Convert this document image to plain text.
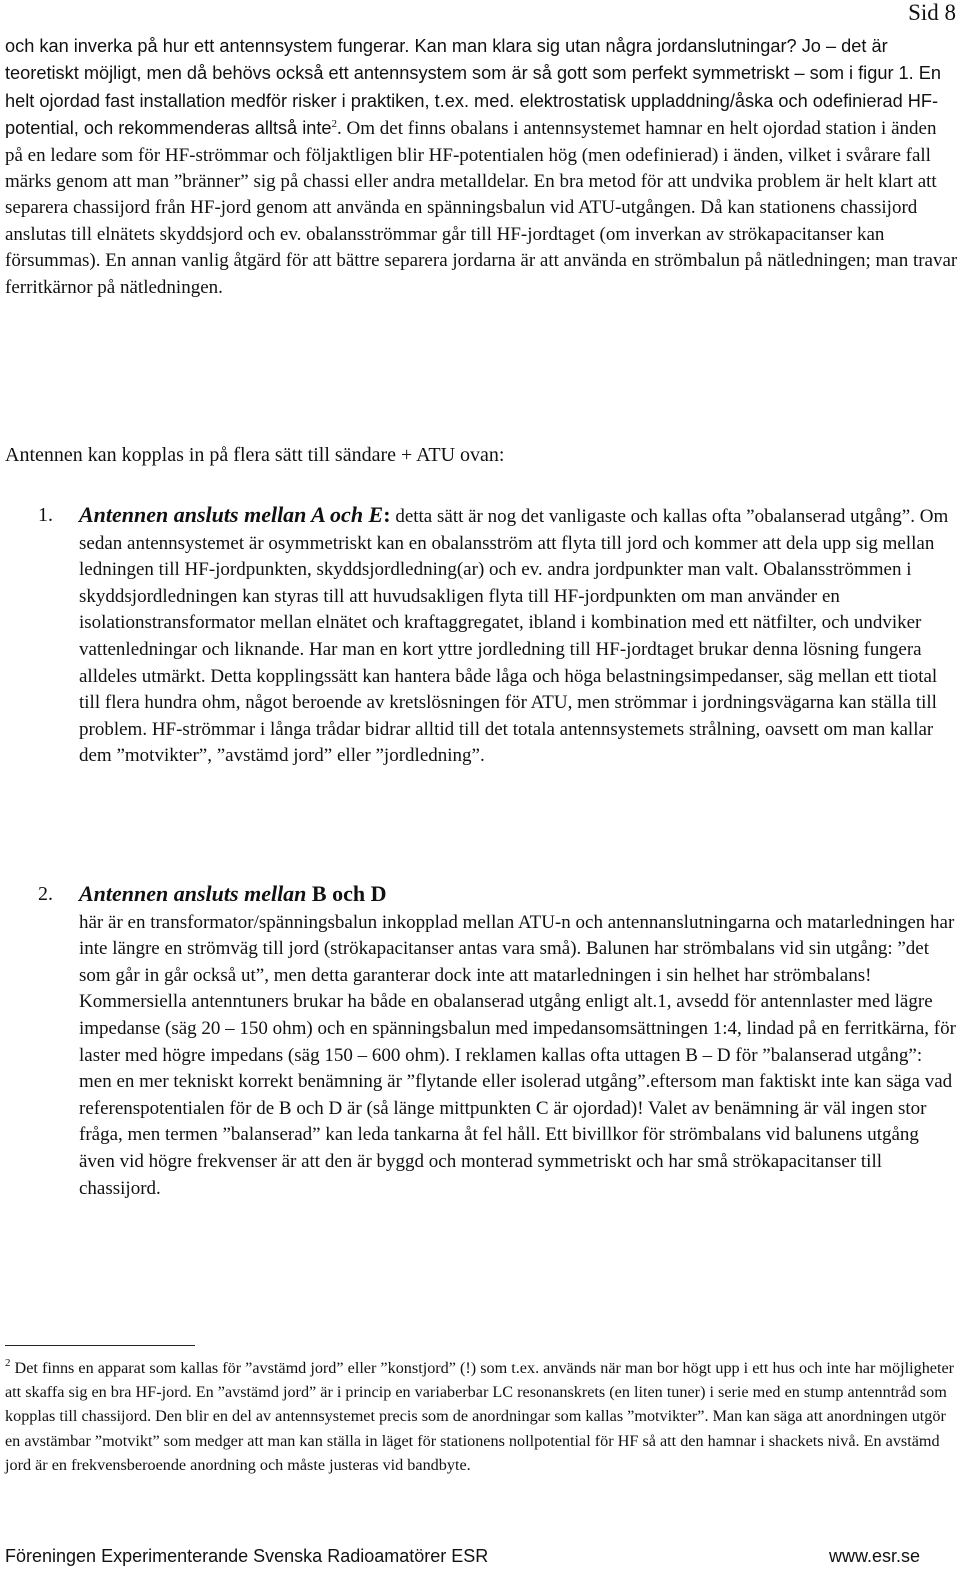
Sid 8

och kan inverka på hur ett antennsystem fungerar. Kan man klara sig utan några jordanslutningar? Jo – det är teoretiskt möjligt, men då behövs också ett antennsystem som är så gott som perfekt symmetriskt – som i figur 1. En helt ojordad fast installation medför risker i praktiken, t.ex. med. elektrostatisk uppladdning/åska och odefinierad HF-potential, och rekommenderas alltså inte$^2$. Om det finns obalans i antennsystemet hamnar en helt ojordad station i änden på en ledare som för HF-strömmar och följaktligen blir HF-potentialen hög (men odefinierad) i änden, vilket i svårare fall märks genom att man ”bränner” sig på chassi eller andra metalldelar. En bra metod för att undvika problem är helt klart att separera chassijord från HF-jord genom att använda en spänningsbalun vid ATU-utgången. Då kan stationens chassijord anslutas till elnätets skyddsjord och ev. obalansströmmar går till HF-jordtaget (om inverkan av strökapacitanser kan försummas). En annan vanlig åtgärd för att bättre separera jordarna är att använda en strömbalun på nätledningen; man travar ferritkärnor på nätledningen.

Antennen kan kopplas in på flera sätt till sändare + ATU ovan:

1. Antennen ansluts mellan A och E: detta sätt är nog det vanligaste och kallas ofta ”obalanserad utgång”. Om sedan antennsystemet är osymmetriskt kan en obalansström att flyta till jord och kommer att dela upp sig mellan ledningen till HF-jordpunkten, skyddsjordledning(ar) och ev. andra jordpunkter man valt. Obalansströmmen i skyddsjordledningen kan styras till att huvudsakligen flyta till HF-jordpunkten om man använder en isolationstransformator mellan elnätet och kraftaggregatet, ibland i kombination med ett nätfilter, och undviker vattenledningar och liknande. Har man en kort yttre jordledning till HF-jordtaget brukar denna lösning fungera alldeles utmärkt. Detta kopplingssätt kan hantera både låga och höga belastningsimpedanser, säg mellan ett tiotal till flera hundra ohm, något beroende av kretslösningen för ATU, men strömmar i jordningsvägarna kan ställa till problem. HF-strömmar i långa trådar bidrar alltid till det totala antennsystemets strålning, oavsett om man kallar dem ”motvikter”, ”avstämd jord” eller ”jordledning”.

2. Antennen ansluts mellan B och D
här är en transformator/spänningsbalun inkopplad mellan ATU-n och antennanslutningarna och matarledningen har inte längre en strömväg till jord (strökapacitanser antas vara små). Balunen har strömbalans vid sin utgång: ”det som går in går också ut”, men detta garanterar dock inte att matarledningen i sin helhet har strömbalans! Kommersiella antenntuners brukar ha både en obalanserad utgång enligt alt.1, avsedd för antennlaster med lägre impedanse (säg 20 – 150 ohm) och en spänningsbalun med impedansomsättningen 1:4, lindad på en ferritkärna, för laster med högre impedans (säg 150 – 600 ohm). I reklamen kallas ofta uttagen B – D för ”balanserad utgång”: men en mer tekniskt korrekt benämning är ”flytande eller isolerad utgång”.eftersom man faktiskt inte kan säga vad referenspotentialen för de B och D är (så länge mittpunkten C är ojordad)! Valet av benämning är väl ingen stor fråga, men termen ”balanserad” kan leda tankarna åt fel håll. Ett bivillkor för strömbalans vid balunens utgång även vid högre frekvenser är att den är byggd och monterad symmetriskt och har små strökapacitanser till chassijord.

$^2$ Det finns en apparat som kallas för ”avstämd jord” eller ”konstjord” (!) som t.ex. används när man bor högt upp i ett hus och inte har möjligheter att skaffa sig en bra HF-jord. En ”avstämd jord” är i princip en variaberbar LC resonanskrets (en liten tuner) i serie med en stump antenntråd som kopplas till chassijord. Den blir en del av antennsystemet precis som de anordningar som kallas ”motvikter”. Man kan säga att anordningen utgör en avstämbar ”motvikt” som medger att man kan ställa in läget för stationens nollpotential för HF så att den hamnar i shackets nivå. En avstämd jord är en frekvensberoende anordning och måste justeras vid bandbyte.

Föreningen Experimenterande Svenska Radioamatörer ESR	www.esr.se
